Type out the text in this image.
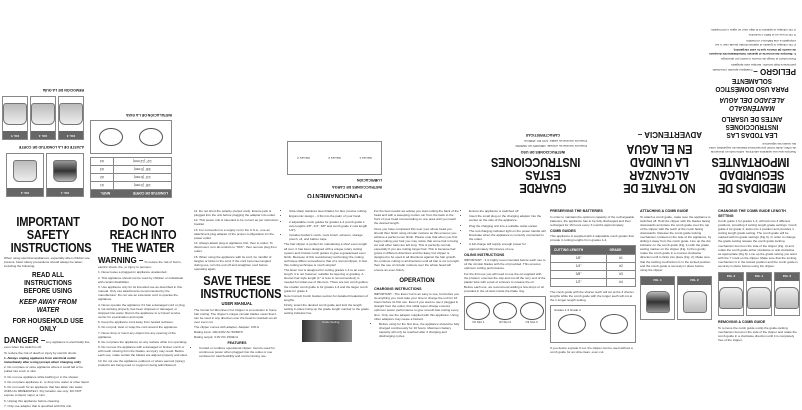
MEDIDAS DE SEGURIDAD IMPORTANTES

Siempre que use aparatos eléctricos, sobre todo en presencia de niños, debe tomar precauciones básicas de seguridad, entre las cuales las siguientes:

LEA TODAS LAS INSTRUCCIONES ANTES DE USARLO
MANTÉNGALO ALEJADO DEL AGUA
PARA USO DOMÉSTICO SOLAMENTE

PELIGRO – Cualquier aparato conectado permanece bajo tensión, aunque esté apagado.

Para reducir el riesgo de muerte o lesión por descarga:

1. Siempre desconecte el aparato inmediatamente después de usarlo (al menos que lo esté cargando).

2. No coloque ni guarde el aparato donde pueda caer o ser empujado a una bañera o un lavabo.

3. No lo use en el baño o la ducha.

4. No coloque el aparato ni lo deje caer en agua o otro líquido.

NO TRATE DE ALCANZAR LA UNIDAD EN EL AGUA
ADVERTENCIA –
GUARDE ESTAS INSTRUCCIONES
INSTRUCCIONES DE USO

Potencia nominal de entrada: 100/240V AC 50/60Hz

Potencia nominal de salida: 3.0V DC 1500mA

CARACTERÍSTICAS
FUNCIONAMIENTO
INSTRUCCIONES DE CARGA
LUBRICACIÓN
Ranura 1
Ranura 2
Ranura 3
LONGITUD DE CORTE	NIVEL
1/8" (3 mm)	#1
1/4" (6 mm)	#2
3/8" (9 mm)	#3
1/2" (12 mm)	#4
INSTALACIÓN DE LA GUÍA
FIG. 1
FIG. 2
AJUSTE DE LA LONGITUD DE CORTE
FIG. 3
FIG. 4
FIG. 5
REMOCIÓN DE LA GUÍA
IMPORTANT SAFETY INSTRUCTIONS

When using electrical appliances, especially when children are present, basic safety precautions should always be taken, including the following:

READ ALL INSTRUCTIONS BEFORE USING
KEEP AWAY FROM WATER
FOR HOUSEHOLD USE ONLY

DANGER – Any appliance is electrically live, even when the switch is off.

To reduce the risk of death or injury by electric shock:

1. Always unplug appliance from electrical outlet immediately after using (except when charging unit).

2. Do not place or store appliance where it could fall or be pulled into a tub or sink.

3. Do not use appliance while bathing or in the shower.

4. Do not place appliance in, or drop into, water or other liquid.

5. Do not reach for an appliance that has fallen into water. UNPLUG IMMEDIATELY. Dry location use only. DO NOT expose to liquid, vapor or rain.

6. Unplug this appliance before cleaning.

7. Only use adapter that is specified with this unit.

DO NOT REACH INTO THE WATER

WARNING – To reduce the risk of burns, electric shock, fire, or injury to persons:

1. Never leave a plugged-in appliance unattended.

2. This appliance should not be used by children or individuals with certain disabilities.

3. Use appliance only for its intended use as described in this manual. Only use attachments recommended by the manufacturer. Do not use an extension cord to operate the appliance.

4. Never operate the appliance if it has a damaged cord or plug, is not working properly, has been dropped or damaged, or dropped into water. Return the appliance to a Conair service center for examination and repair.

5. Keep the appliance cord away from heated surfaces.

6. Do not pull, twist or wrap the cord around the appliance.

7. Never drop or insert any object into any opening of the appliance.

8. Do not place the appliance on any surface while it is operating.

9. Do not use the appliance with a damaged or broken comb or with teeth missing from the blades, as injury may result. Before each use, make certain the blades are aligned properly and oiled.

10. Do not use the appliance outdoors or where aerosol (spray) products are being used or oxygen is being administered.

11. Do not short the polarity (output cord). Ensure jack is plugged into the unit before plugging the adapter into outlet.

12. This power unit is intended to be correct as per instruction booklet.

13. For connection to a supply not in the U.S.A., use an attachment plug adapter of the proper configuration for the power outlet.

14. Always attach plug to appliance first, then to outlet. To disconnect, turn all controls to "OFF", then remove plug from outlet.

15. When using the appliance with its cord, be mindful of tangles or kinks in the cord. If the cord becomes tangled during use, turn the unit off and straighten cord before operating again.

SAVE THESE INSTRUCTIONS
USER MANUAL

The Conair for Men Even Cut Clipper is a revolution in home hair cutting. The clipper's unique circular blades mean that it can be used in any direction over the head to maintain an all over even cut.

The clipper comes with adapter. Adapter: CW-S

Rating input: 100-240V AC 50/60Hz

Rating output: 3.0V DC 1500mA

FEATURES
• Corded or cordless operational clipper. Can be used for continuous power when plugged into the outlet or use cordless for total flexibility and control during use.
• Ultra sharp stainless steel blades for fast, precise cutting.
• Ergonomic design – it fits into the palm of your hand.
• 2 adjustable comb guides for grades 1-4 (comb guide 1 cuts lengths 1/8", 1/4", 3/8" and comb guide 2 cuts length 1/2").
• Includes barber's comb, neck brush, scissors, storage pouch, oil, and barber cape.

The hair clipper is perfect for maintaining a short even length all over. It has been designed with a unique rotary cutting system and circular comb guides to give a guaranteed even finish. Because of this revolutionary technology the cutting technique differs somewhat to that of a normal clipper, in fact this cutting technique is much simpler!

The Even Cut is designed for cutting grades 1-4 to an even length. It is not however, suitable for layering or grading. A shorter hair style length (1" or less is recommended), is needed for initial use of this item. There are two comb guides; the smaller comb guide is for grades 1-3 and the larger comb guide for grade 4.

Note Consult Comb Guides section for detailed breakdown of lengths.

Firstly, select the desired comb guide and lock the length setting in place lining up the grade length number to the grade setting indicator line.

Grade Setting

For the best results we advise you start cutting the back of the head and with a sweeping motion run from the back to the front of your head concentrating on one area until you reach the desired length.

Once you have completed this over your whole head you should then finish using circular motions as this ensures you achieve a perfect even finish. Please note that when you first begin cutting your hair you may notice that some hair is being cut and other hairs are left long. This is perfectly normal, especially if you are cutting longer hair. This is because hair grows in different directions and the Easy Cut clipper is designed to be used in all directions against the hair growth. So continue cutting in all directions until all hair is cut to length, then the use of circular motions over the whole head will ensure an even finish.

OPERATION
CHARGING INSTRUCTIONS

IMPORTANT - The Even Cut is an easy to use, but before you do anything you must take your time to charge the unit for 16 hours before its first use. Even if you want to use it plugged in straight from the outlet, this initial super-charge ensures optimum power performance to give smooth fast cutting every time. Only use the adaptor supplied with this appliance. Using other adaptors may cause a hazard.

• Before using for the first time, the appliance should be fully charged continuously for 16 hours. Maximum battery capacity will only be reached after 3 charging and discharging cycles.
• Ensure the appliance is switched off.
• Insert the small plug on the charging adaptor into the socket on the side of the appliance.
• Plug the charging unit into a suitable outlet socket.
• The red charging indicator light on the power handle will illuminate when the appliance is correctly connected to the outlet.
• A full charge will supply enough power for approximately 30 minutes of use.
OILING INSTRUCTIONS

IMPORTANT - It is highly recommended before each use to oil the circular blades with the oil provided. This ensures optimum cutting performance.

For the first use you will need to use the oil supplied with the product, unscrew the cap and cut off the very end of the plastic tube with a pair of scissors to release the oil.

Before each use, we recommend adding a few drops of oil provided in the oil slots inside the blade ring.

Oil Slot 1	Oil Slot 2	Oil Slot 3
PRESERVING THE BATTERIES

In order to maintain the optimum capacity of the rechargeable batteries, the appliance has to be fully discharged and then recharged for 16 hours every 3 months approximately.

COMB GUIDES

This appliance is supplied with 2 adjustable comb guides that provide 4 cutting lengths from grades 1-4.

CUTTING LENGTH	GRADE
1/8"	#1
1/4"	#2
3/8"	#3
1/2"	#4

The comb guide with the shorter teeth will cut at the 3 shorter lengths while the comb guide with the longer teeth will cut at the 1 longer length setting.

Grades 1-3 Grade 4

If you desire a grade 0 cut, the clipper can be used without a comb guide for an ultra clean, even cut.

ATTACHING A COMB GUIDE

To attach a comb guide, make sure the appliance is switched off. Hold the clipper with the blades facing downwards and place the comb guide over the top of the clipper with the teeth of the comb facing downwards. Release the comb guide locking mechanism, located on the side of the appliance, by sliding it away from the comb guide. Line up the dot indicator on the comb guide (Fig. 1) with the grade setting marker on the clipper (Fig. 1) then gently rotate the comb guide in a counter-clockwise direction until it clicks into place (Fig. 2). Make sure that the locking mechanism is in the locked position and the comb guide is securely in place before using the clipper.

FIG. 1	FIG. 2
CHANGING THE COMB GUIDE LENGTH SETTING

Comb guide 1 for grades 1-3, will lock into 3 different positions, providing 3 cutting length grade settings. Comb guide 2 for grade 4, locks into 1 position and provides 1 cutting length grade setting. The comb guide will be marked with its grade settings (Fig.3). In order to change the grade setting release the comb guide locking mechanism found on the side of the clipper (Fig. 4) and rotate the comb guide either clockwise or anti-clockwise as appropriate (Fig.5). Line up the grade setting you want with the 'I' mark on the clipper. Make sure that the locking mechanism is in the locked position and the comb guide is securely in place before using the clipper.

FIG. 3	FIG. 4	FIG. 5
REMOVING A COMB GUIDE

To remove the comb guide unclip the guide-locking mechanism found on the side of the clipper and rotate the comb guide in a clockwise direction until it is completely free of the clipper.
